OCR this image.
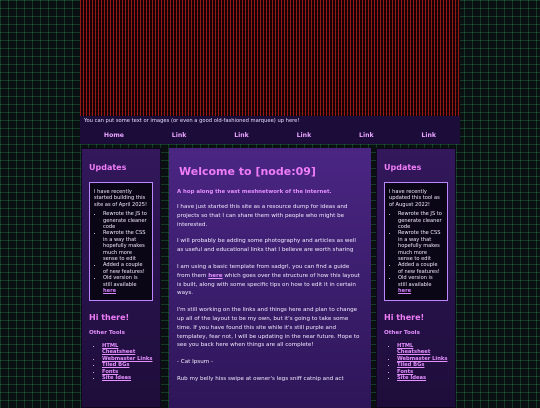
You can put some text or images (or even a good old-fashioned marquee) up here!
Home	Link	Link	Link	Link	Link
Updates

I have recently started building this site as of April 2025!

• Rewrote the JS to generate cleaner code
• Rewrote the CSS in a way that hopefully makes much more sense to edit
• Added a couple of new features!
• Old version is still available here
Hi there!
Other Tools
• HTML Cheatsheet
• Webmaster Links
• Tiled BGs
• Fonts
• Site Ideas
Welcome to [node:09]
A hop along the vast meshnetwork of the internet.

I have just started this site as a resource dump for ideas and projects so that I can share them with people who might be interested.

I will probably be adding some photography and articles as well as useful and educational links that I believe are worth sharing

I am using a basic template from sadgrl, you can find a guide from them here which goes over the structure of how this layout is built, along with some specific tips on how to edit it in certain ways.

I'm still working on the links and things here and plan to change up all of the layout to be my own, but it's going to take some time. If you have found this site while it's still purple and templatey, fear not, I will be updating in the near future. Hope to see you back here when things are all complete!

- Cat Ipsum -

Rub my belly hiss swipe at owner's legs sniff catnip and act

Updates

I have recently updated this tool as of August 2022!

• Rewrote the JS to generate cleaner code
• Rewrote the CSS in a way that hopefully makes much more sense to edit
• Added a couple of new features!
• Old version is still available here
Hi there!
Other Tools
• HTML Cheatsheet
• Webmaster Links
• Tiled BGs
• Fonts
• Site Ideas
